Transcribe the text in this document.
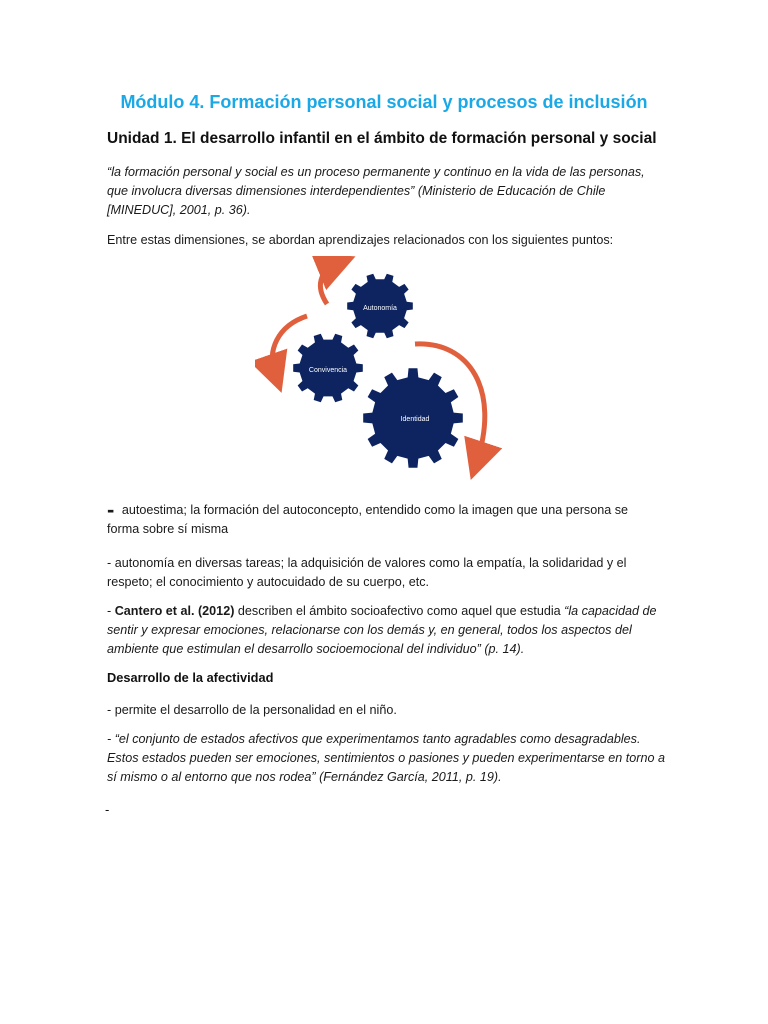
Módulo 4. Formación personal social y procesos de inclusión
Unidad 1. El desarrollo infantil en el ámbito de formación personal y social
“la formación personal y social es un proceso permanente y continuo en la vida de las personas,
que involucra diversas dimensiones interdependientes” (Ministerio de Educación de Chile
[MINEDUC], 2001, p. 36).
Entre estas dimensiones, se abordan aprendizajes relacionados con los siguientes puntos:
Autonomía
Convivencia
Identidad
- autoestima; la formación del autoconcepto, entendido como la imagen que una persona se
forma sobre sí misma
- autonomía en diversas tareas; la adquisición de valores como la empatía, la solidaridad y el
respeto; el conocimiento y autocuidado de su cuerpo, etc.
- Cantero et al. (2012) describen el ámbito socioafectivo como aquel que estudia “la capacidad de
sentir y expresar emociones, relacionarse con los demás y, en general, todos los aspectos del
ambiente que estimulan el desarrollo socioemocional del individuo” (p. 14).
Desarrollo de la afectividad
- permite el desarrollo de la personalidad en el niño.
- “el conjunto de estados afectivos que experimentamos tanto agradables como desagradables.
Estos estados pueden ser emociones, sentimientos o pasiones y pueden experimentarse en torno a
sí mismo o al entorno que nos rodea” (Fernández García, 2011, p. 19).
-
